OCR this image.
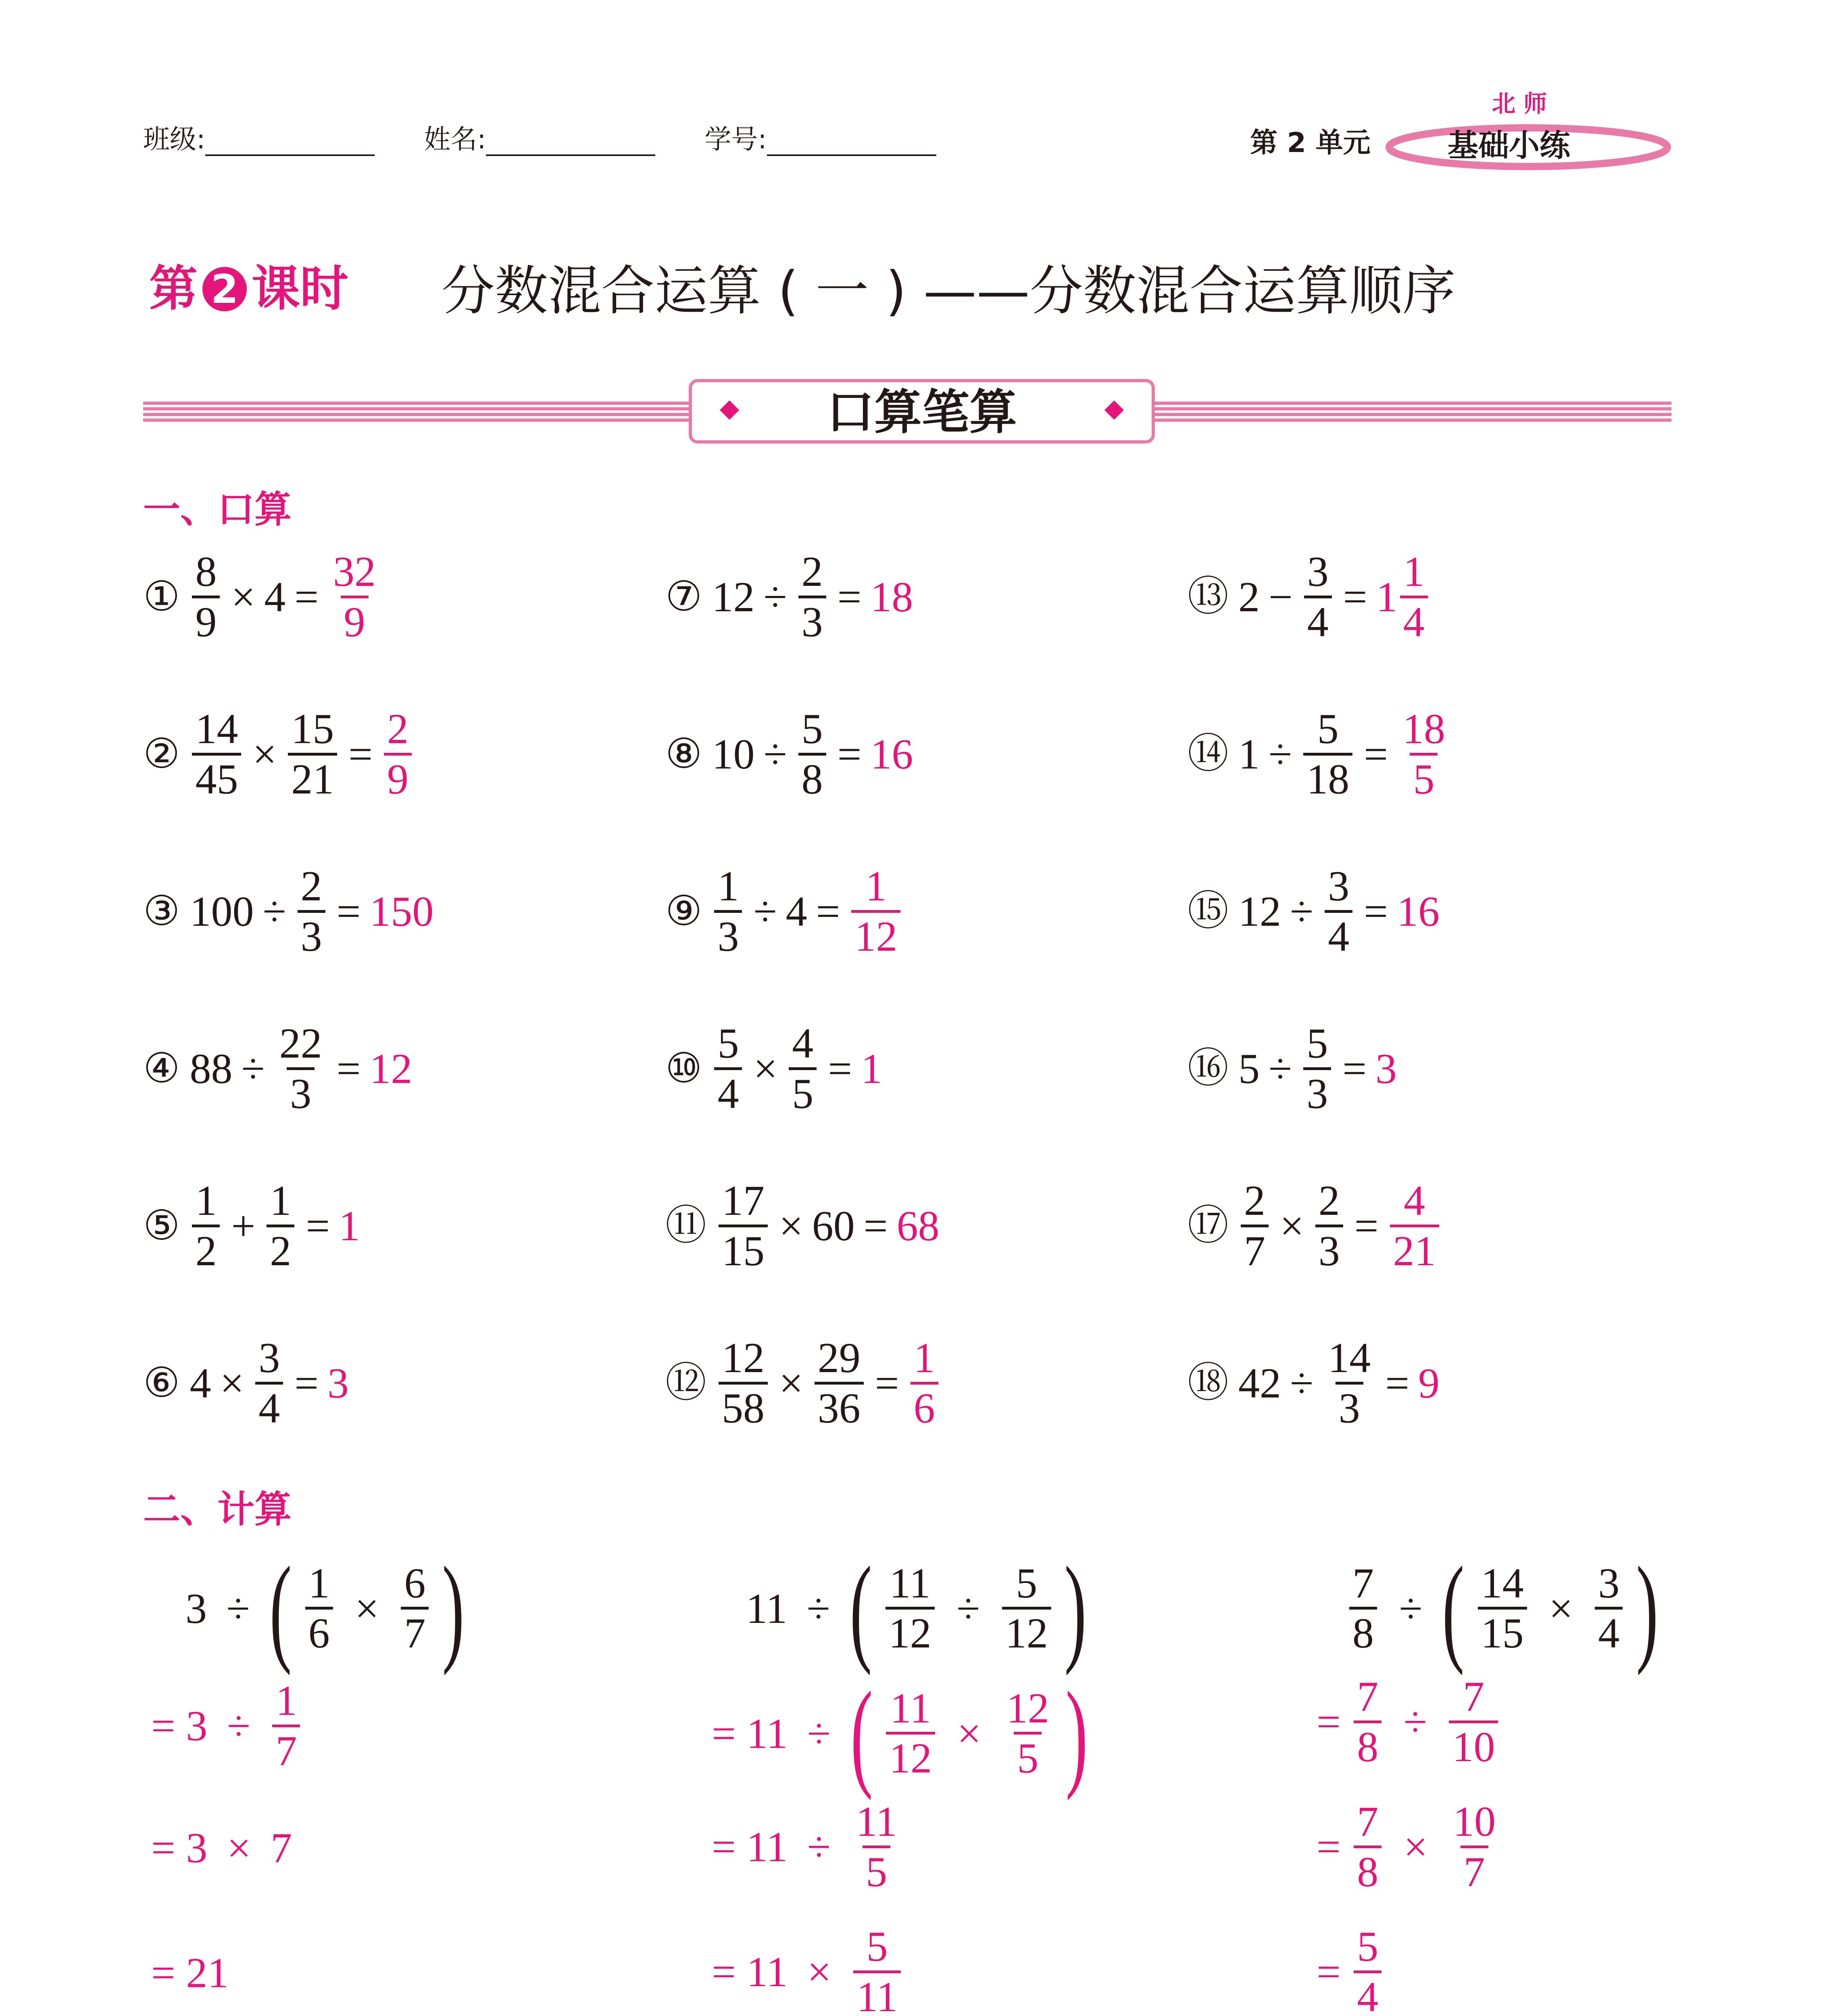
班级:	姓名:	学号:	第 2 单元
北 师
基础小练
第 2 课时 分数混合运算 ( 一 ) ——分数混合运算顺序
口算笔算
一、口算
① $\frac{8}{9} \times 4 = \frac{32}{9}$
② $\frac{14}{45} \times \frac{15}{21} = \frac{2}{9}$
③ $100 \div \frac{2}{3} = 150$
④ $88 \div \frac{22}{3} = 12$
⑤ $\frac{1}{2} + \frac{1}{2} = 1$
⑥ $4 \times \frac{3}{4} = 3$
⑦ $12 \div \frac{2}{3} = 18$
⑧ $10 \div \frac{5}{8} = 16$
⑨ $\frac{1}{3} \div 4 = \frac{1}{12}$
⑩ $\frac{5}{4} \times \frac{4}{5} = 1$
⑪ $\frac{17}{15} \times 60 = 68$
⑫ $\frac{12}{58} \times \frac{29}{36} = \frac{1}{6}$
⑬ $2 - \frac{3}{4} = 1 \frac{1}{4}$
⑭ $1 \div \frac{5}{18} = \frac{18}{5}$
⑮ $12 \div \frac{3}{4} = 16$
⑯ $5 \div \frac{5}{3} = 3$
⑰ $\frac{2}{7} \times \frac{2}{3} = \frac{4}{21}$
⑱ $42 \div \frac{14}{3} = 9$
二、计算
3 ÷ ( $\frac{1}{6} \times \frac{6}{7}$ )
= $3 \div \frac{1}{7}$
= 3 × 7
= 21
11 ÷ ( $\frac{11}{12} \div \frac{5}{12}$ )
= 11 ÷ ( $\frac{11}{12} \times \frac{12}{5}$ )
= $11 \div \frac{11}{5}$
= $11 \times \frac{5}{11}$
$\frac{7}{8}$ ÷ ( $\frac{14}{15} \times \frac{3}{4}$ )
= $\frac{7}{8} \div \frac{7}{10}$
= $\frac{7}{8} \times \frac{10}{7}$
= $\frac{5}{4}$
